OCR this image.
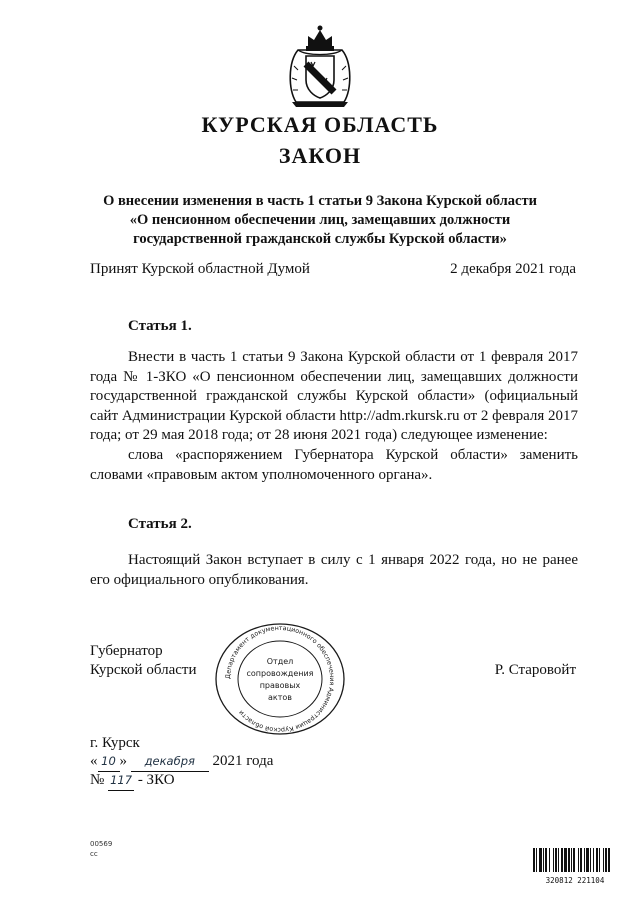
КУРСКАЯ ОБЛАСТЬ
ЗАКОН
О внесении изменения в часть 1 статьи 9 Закона Курской области
«О пенсионном обеспечении лиц, замещавших должности
государственной гражданской службы Курской области»
Принят Курской областной Думой	2 декабря 2021 года
Статья 1.

Внести в часть 1 статьи 9 Закона Курской области от 1 февраля 2017 года № 1-ЗКО «О пенсионном обеспечении лиц, замещавших должности государственной гражданской службы Курской области» (официальный сайт Администрации Курской области http://adm.rkursk.ru от 2 февраля 2017 года; от 29 мая 2018 года; от 28 июня 2021 года) следующее изменение:

слова «распоряжением Губернатора Курской области» заменить словами «правовым актом уполномоченного органа».

Статья 2.

Настоящий Закон вступает в силу с 1 января 2022 года, но не ранее его официального опубликования.

Губернатор
Курской области	Р. Старовойт
Департамент документационного обеспечения Администрации Курской области
Отдел
сопровождения
правовых
актов
г. Курск
« 10 » декабря 2021 года
№ 117 - ЗКО
00569
cc
320812 221104
